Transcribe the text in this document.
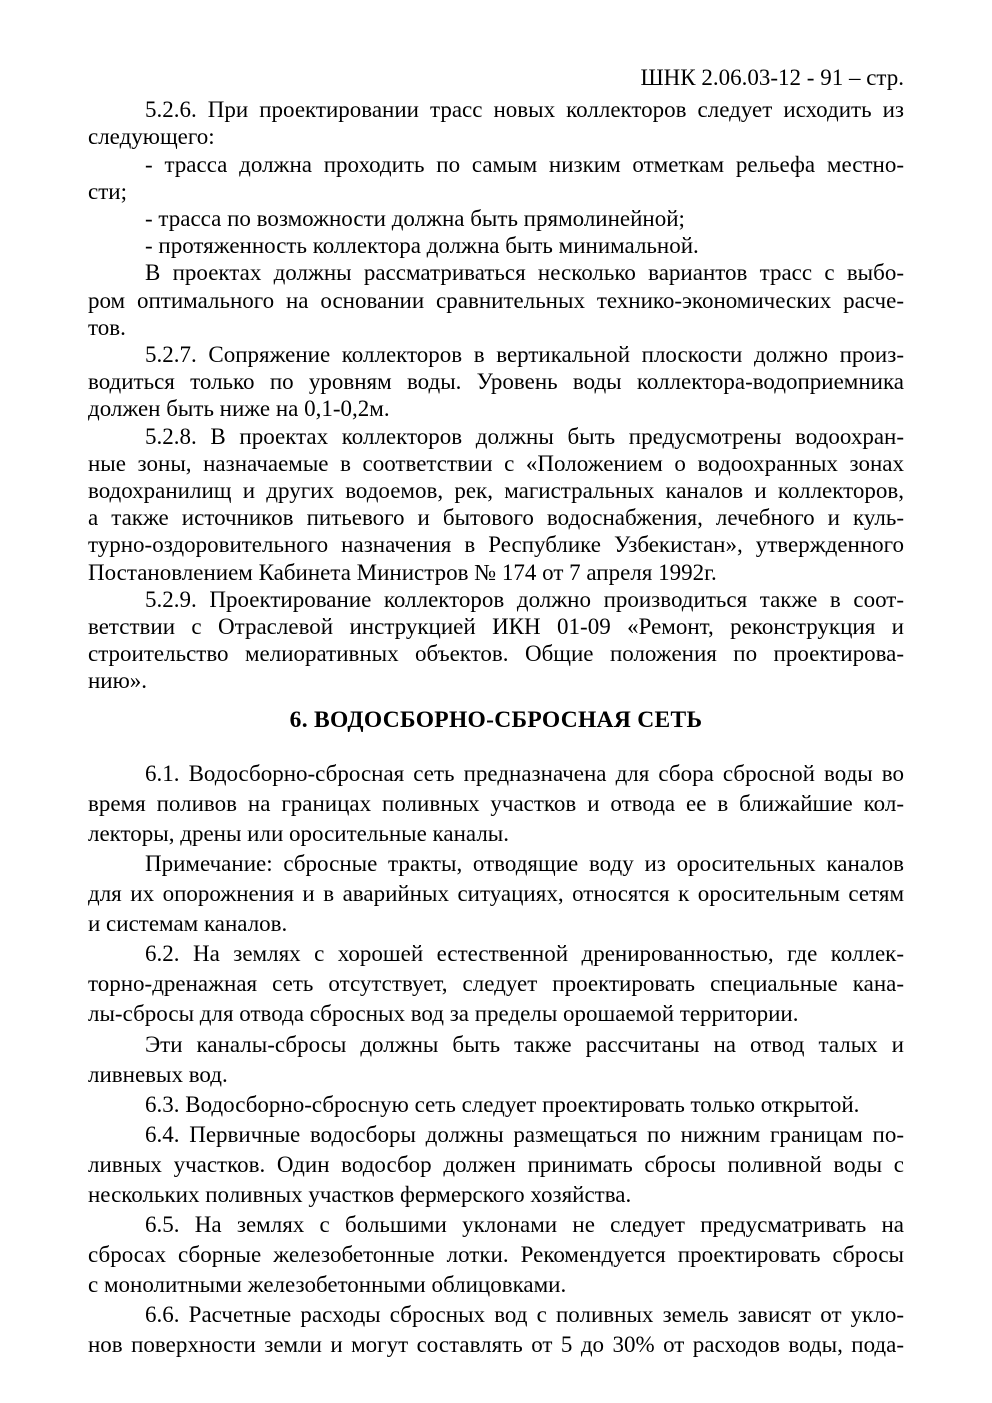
ШНК 2.06.03-12 - 91 – стр.
5.2.6. При проектировании трасс новых коллекторов следует исходить из
следующего:
- трасса должна проходить по самым низким отметкам рельефа местно-
сти;
- трасса по возможности должна быть прямолинейной;
- протяженность коллектора должна быть минимальной.
В проектах должны рассматриваться несколько вариантов трасс с выбо-
ром оптимального на основании сравнительных технико-экономических расче-
тов.
5.2.7. Сопряжение коллекторов в вертикальной плоскости должно произ-
водиться только по уровням воды. Уровень воды коллектора-водоприемника
должен быть ниже на 0,1-0,2м.
5.2.8. В проектах коллекторов должны быть предусмотрены водоохран-
ные зоны, назначаемые в соответствии с «Положением о водоохранных зонах
водохранилищ и других водоемов, рек, магистральных каналов и коллекторов,
а также источников питьевого и бытового водоснабжения, лечебного и куль-
турно-оздоровительного назначения в Республике Узбекистан», утвержденного
Постановлением Кабинета Министров № 174 от 7 апреля 1992г.
5.2.9. Проектирование коллекторов должно производиться также в соот-
ветствии с Отраслевой инструкцией ИКН 01-09 «Ремонт, реконструкция и
строительство мелиоративных объектов. Общие положения по проектирова-
нию».
6. ВОДОСБОРНО-СБРОСНАЯ СЕТЬ
6.1. Водосборно-сбросная сеть предназначена для сбора сбросной воды во
время поливов на границах поливных участков и отвода ее в ближайшие кол-
лекторы, дрены или оросительные каналы.
Примечание: сбросные тракты, отводящие воду из оросительных каналов
для их опорожнения и в аварийных ситуациях, относятся к оросительным сетям
и системам каналов.
6.2. На землях с хорошей естественной дренированностью, где коллек-
торно-дренажная сеть отсутствует, следует проектировать специальные кана-
лы-сбросы для отвода сбросных вод за пределы орошаемой территории.
Эти каналы-сбросы должны быть также рассчитаны на отвод талых и
ливневых вод.
6.3. Водосборно-сбросную сеть следует проектировать только открытой.
6.4. Первичные водосборы должны размещаться по нижним границам по-
ливных участков. Один водосбор должен принимать сбросы поливной воды с
нескольких поливных участков фермерского хозяйства.
6.5. На землях с большими уклонами не следует предусматривать на
сбросах сборные железобетонные лотки. Рекомендуется проектировать сбросы
с монолитными железобетонными облицовками.
6.6. Расчетные расходы сбросных вод с поливных земель зависят от укло-
нов поверхности земли и могут составлять от 5 до 30% от расходов воды, пода-
